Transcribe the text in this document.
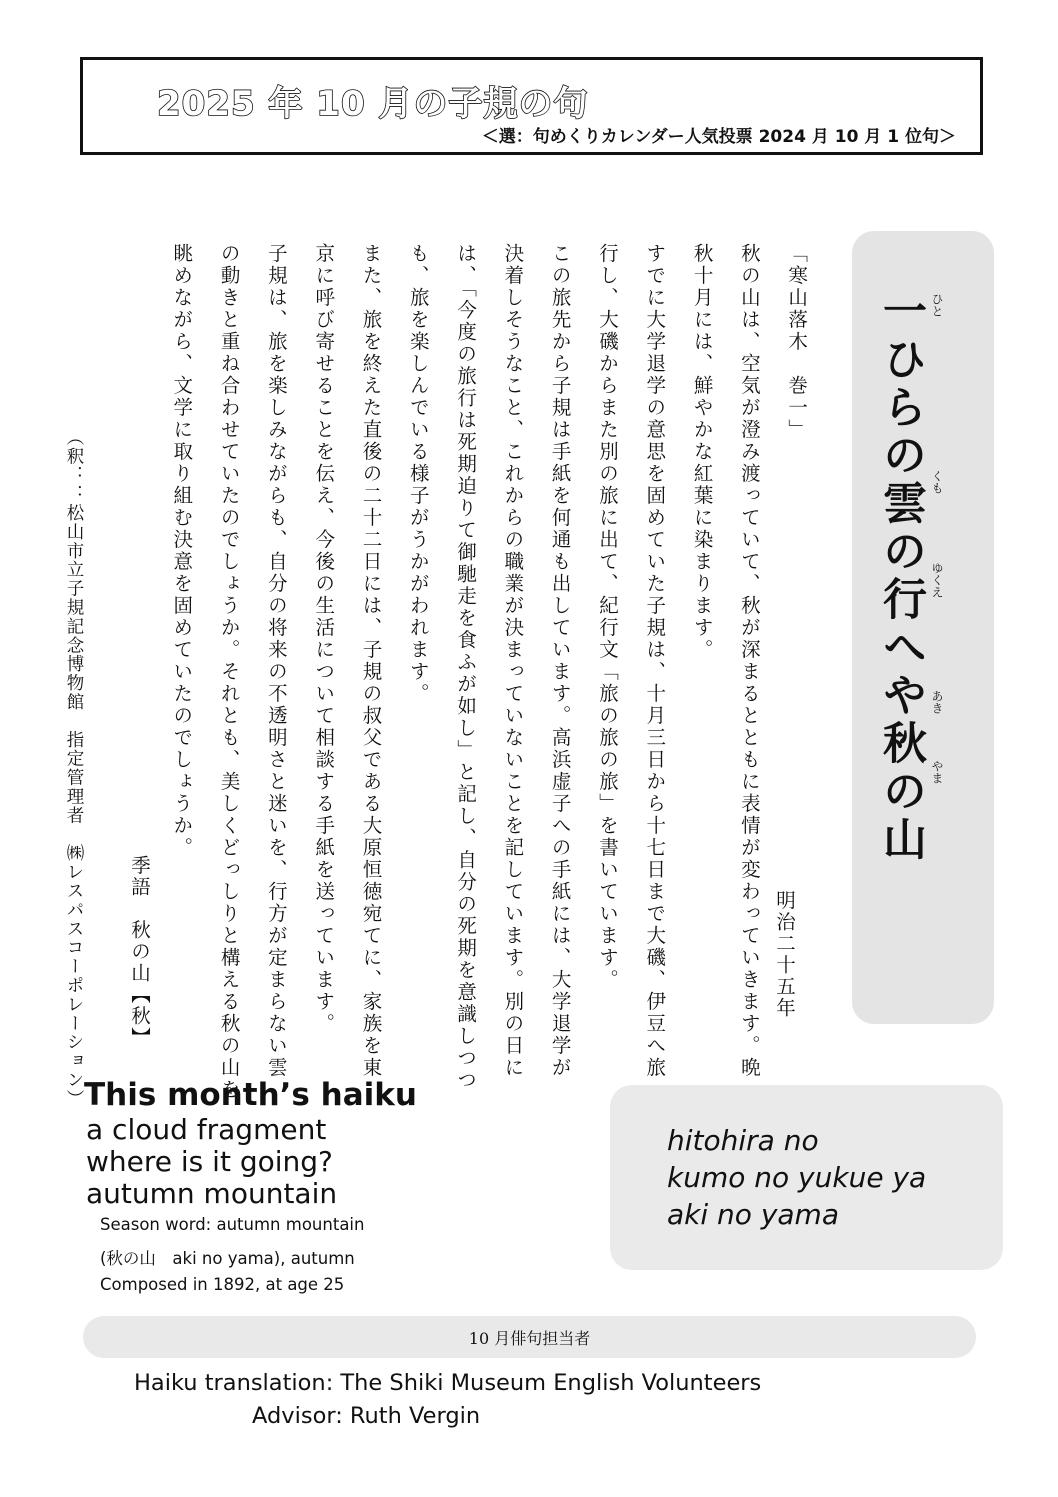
2025 年 10 月の子規の句
＜選：句めくりカレンダー人気投票 2024 月 10 月 1 位句＞
一ひらの雲の行へや秋の山 ひと
くも
ゆくえ
あき
やま
「寒山落木　巻一」
秋の山は、空気が澄み渡っていて、秋が深まるとともに表情が変わっていきます。晩
秋十月には、鮮やかな紅葉に染まります。
すでに大学退学の意思を固めていた子規は、十月三日から十七日まで大磯、伊豆へ旅
行し、大磯からまた別の旅に出て、紀行文「旅の旅の旅」を書いています。
この旅先から子規は手紙を何通も出しています。高浜虚子への手紙には、大学退学が
決着しそうなこと、これからの職業が決まっていないことを記しています。別の日に
は、「今度の旅行は死期迫りて御馳走を食ふが如し」と記し、自分の死期を意識しつつ
も、旅を楽しんでいる様子がうかがわれます。
また、旅を終えた直後の二十二日には、子規の叔父である大原恒徳宛てに、家族を東
京に呼び寄せることを伝え、今後の生活について相談する手紙を送っています。
子規は、旅を楽しみながらも、自分の将来の不透明さと迷いを、行方が定まらない雲
の動きと重ね合わせていたのでしょうか。それとも、美しくどっしりと構える秋の山を
眺めながら、文学に取り組む決意を固めていたのでしょうか。
明治二十五年
季語　秋の山【秋】
（釈：：松山市立子規記念博物館　指定管理者　㈱レスパスコーポレーション） This month’s haiku
a cloud fragment
where is it going?
autumn mountain
Season word: autumn mountain
(秋の山　aki no yama), autumn
Composed in 1892, at age 25
hitohira no
kumo no yukue ya
aki no yama
10 月俳句担当者
Haiku translation: The Shiki Museum English Volunteers
Advisor: Ruth Vergin
